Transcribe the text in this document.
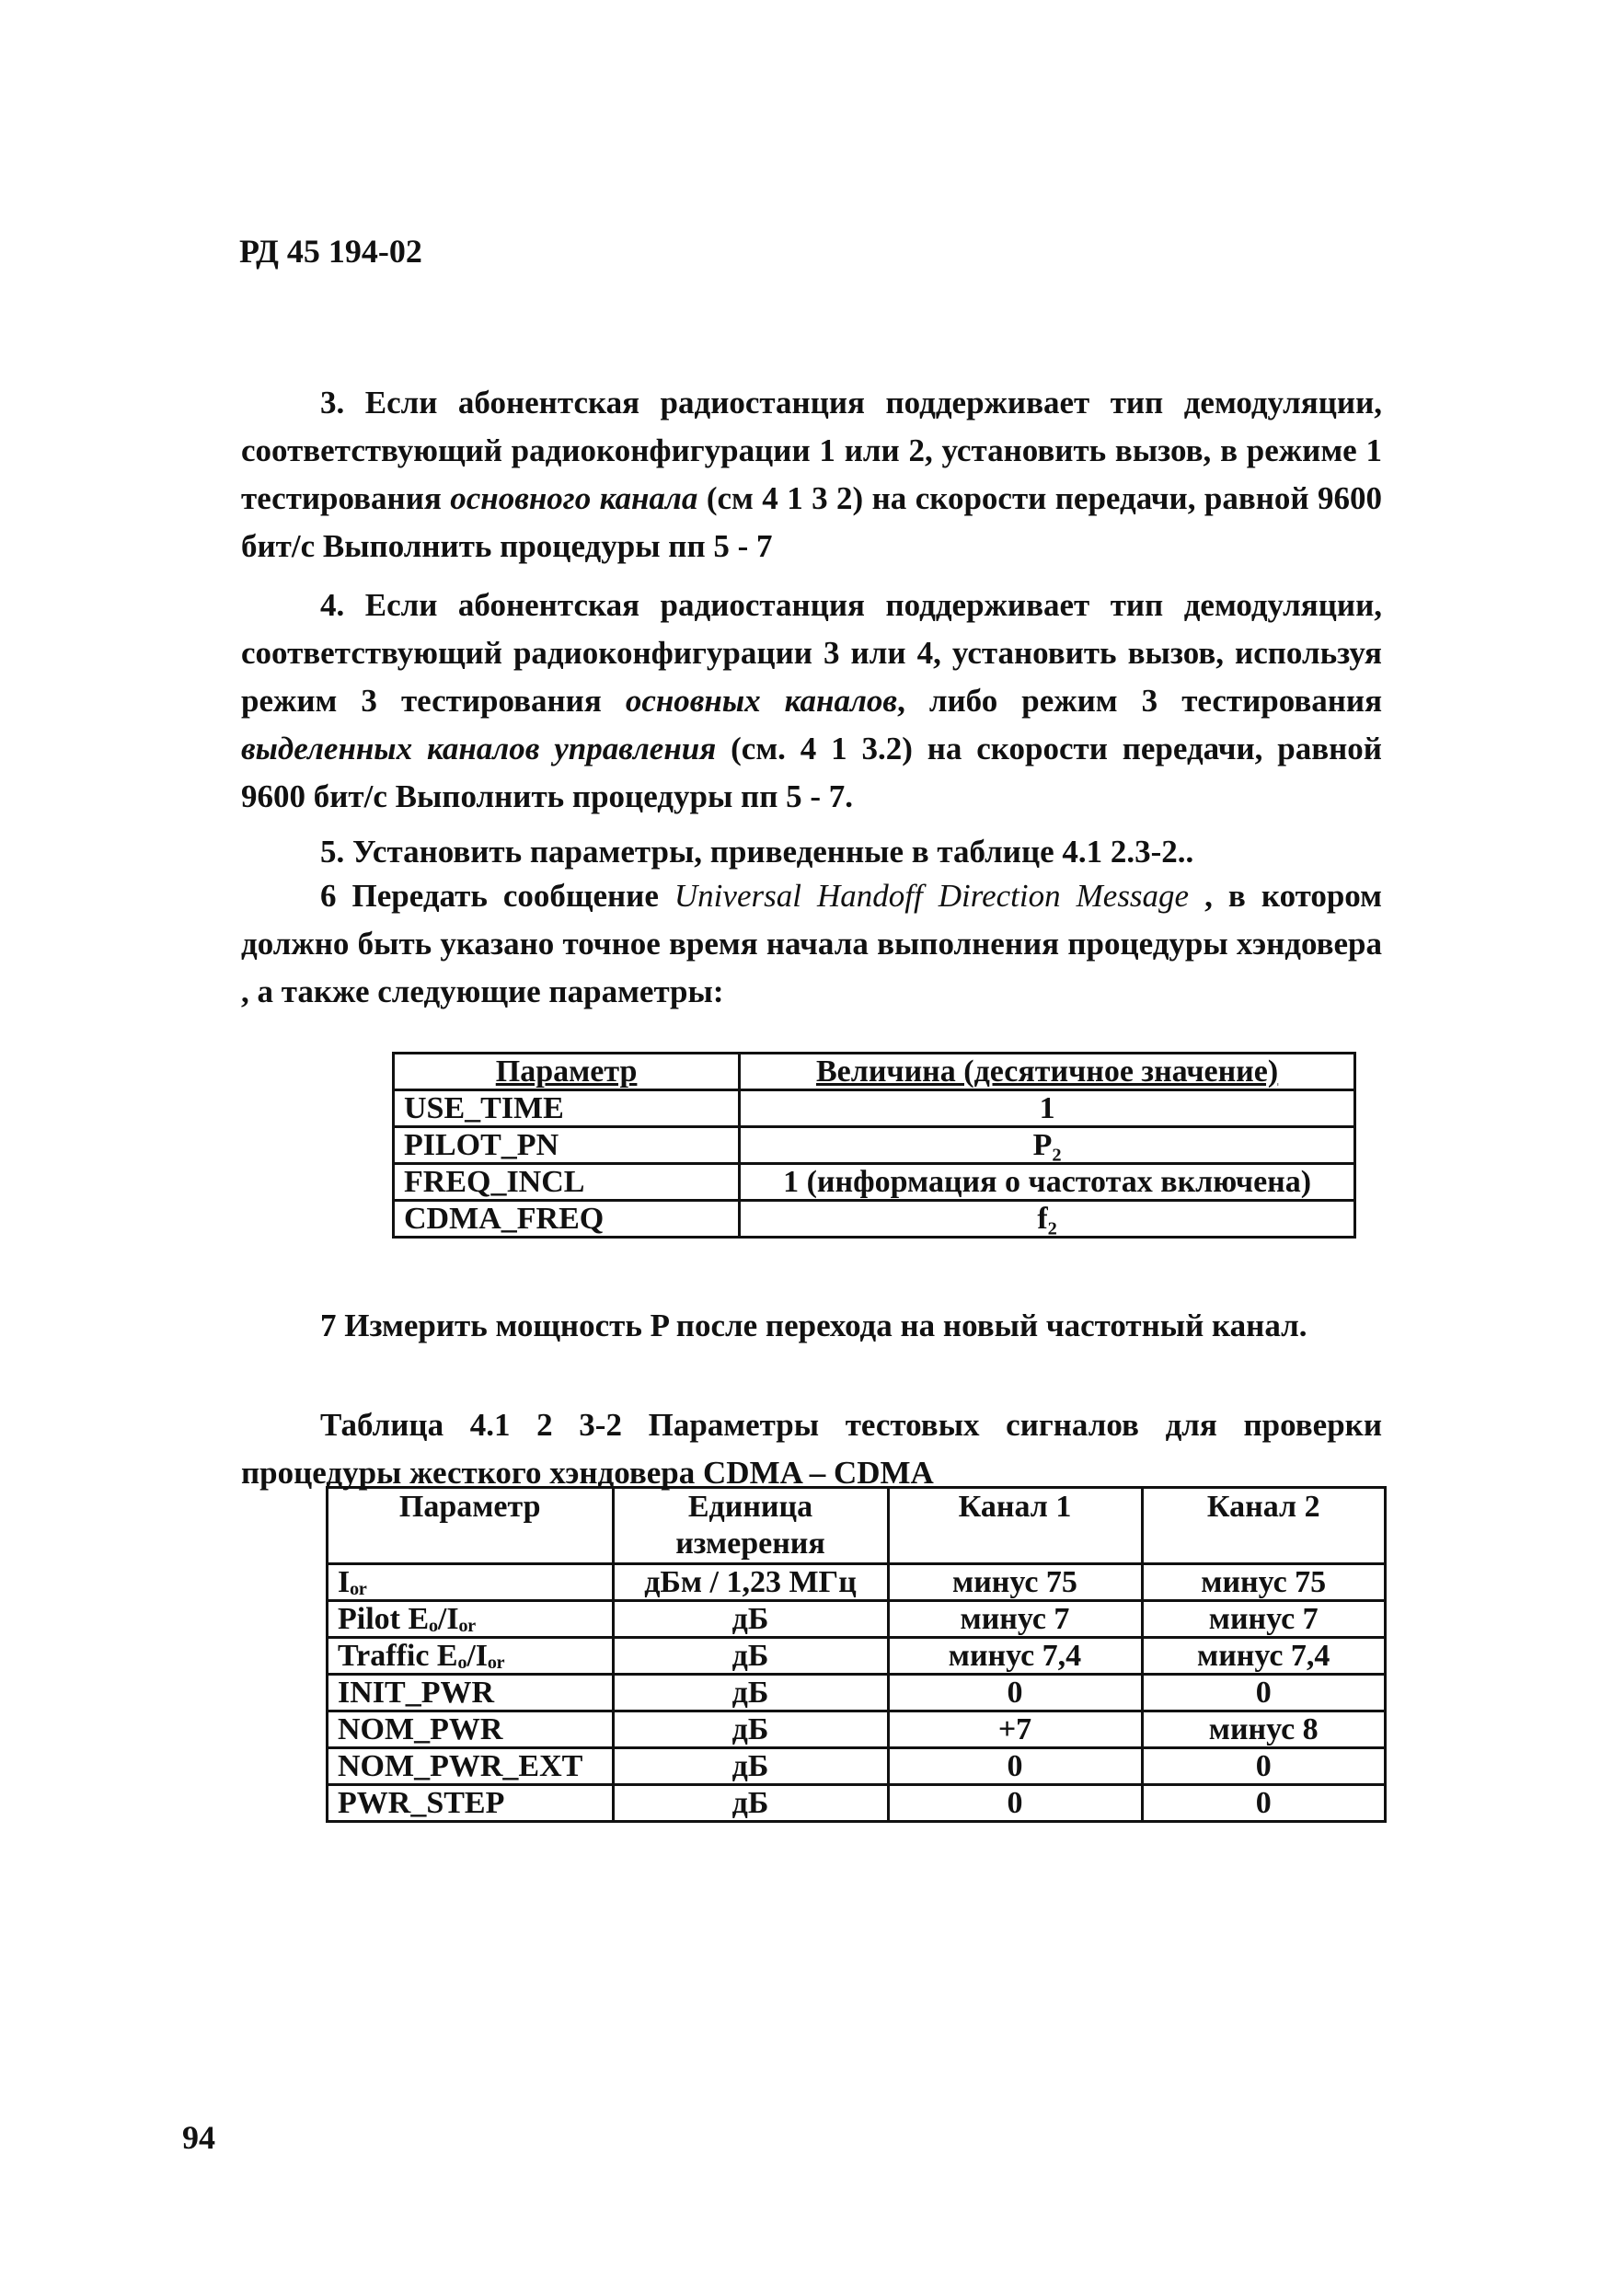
РД 45 194-02

3. Если абонентская радиостанция поддерживает тип демодуляции, соответствующий радиоконфигурации 1 или 2, установить вызов, в режиме 1 тестирования основного канала (см 4 1 3 2) на скорости передачи, равной 9600 бит/с Выполнить процедуры пп 5 - 7

4. Если абонентская радиостанция поддерживает тип демодуляции, соответствующий радиоконфигурации 3 или 4, установить вызов, используя режим 3 тестирования основных каналов, либо режим 3 тестирования выделенных каналов управления (см. 4 1 3.2) на скорости передачи, равной 9600 бит/с Выполнить процедуры пп 5 - 7.

5. Установить параметры, приведенные в таблице 4.1 2.3-2..

6 Передать сообщение Universal Handoff Direction Message , в котором должно быть указано точное время начала выполнения процедуры хэндовера , а также следующие параметры:

Параметр	Величина (десятичное значение)
USE_TIME	1
PILOT_PN	P₂
FREQ_INCL	1 (информация о частотах включена)
CDMA_FREQ	f₂

7 Измерить мощность P после перехода на новый частотный канал.

Таблица 4.1 2 3-2 Параметры тестовых сигналов для проверки процедуры жесткого хэндовера CDMA – CDMA
Параметр	Единица измерения	Канал 1	Канал 2
Iₒᵣ	дБм / 1,23 МГц	минус 75	минус 75
Pilot Eₒ/Iₒᵣ	дБ	минус 7	минус 7
Traffic Eₒ/Iₒᵣ	дБ	минус 7,4	минус 7,4
INIT_PWR	дБ	0	0
NOM_PWR	дБ	+7	минус 8
NOM_PWR_EXT	дБ	0	0
PWR_STEP	дБ	0	0
94
